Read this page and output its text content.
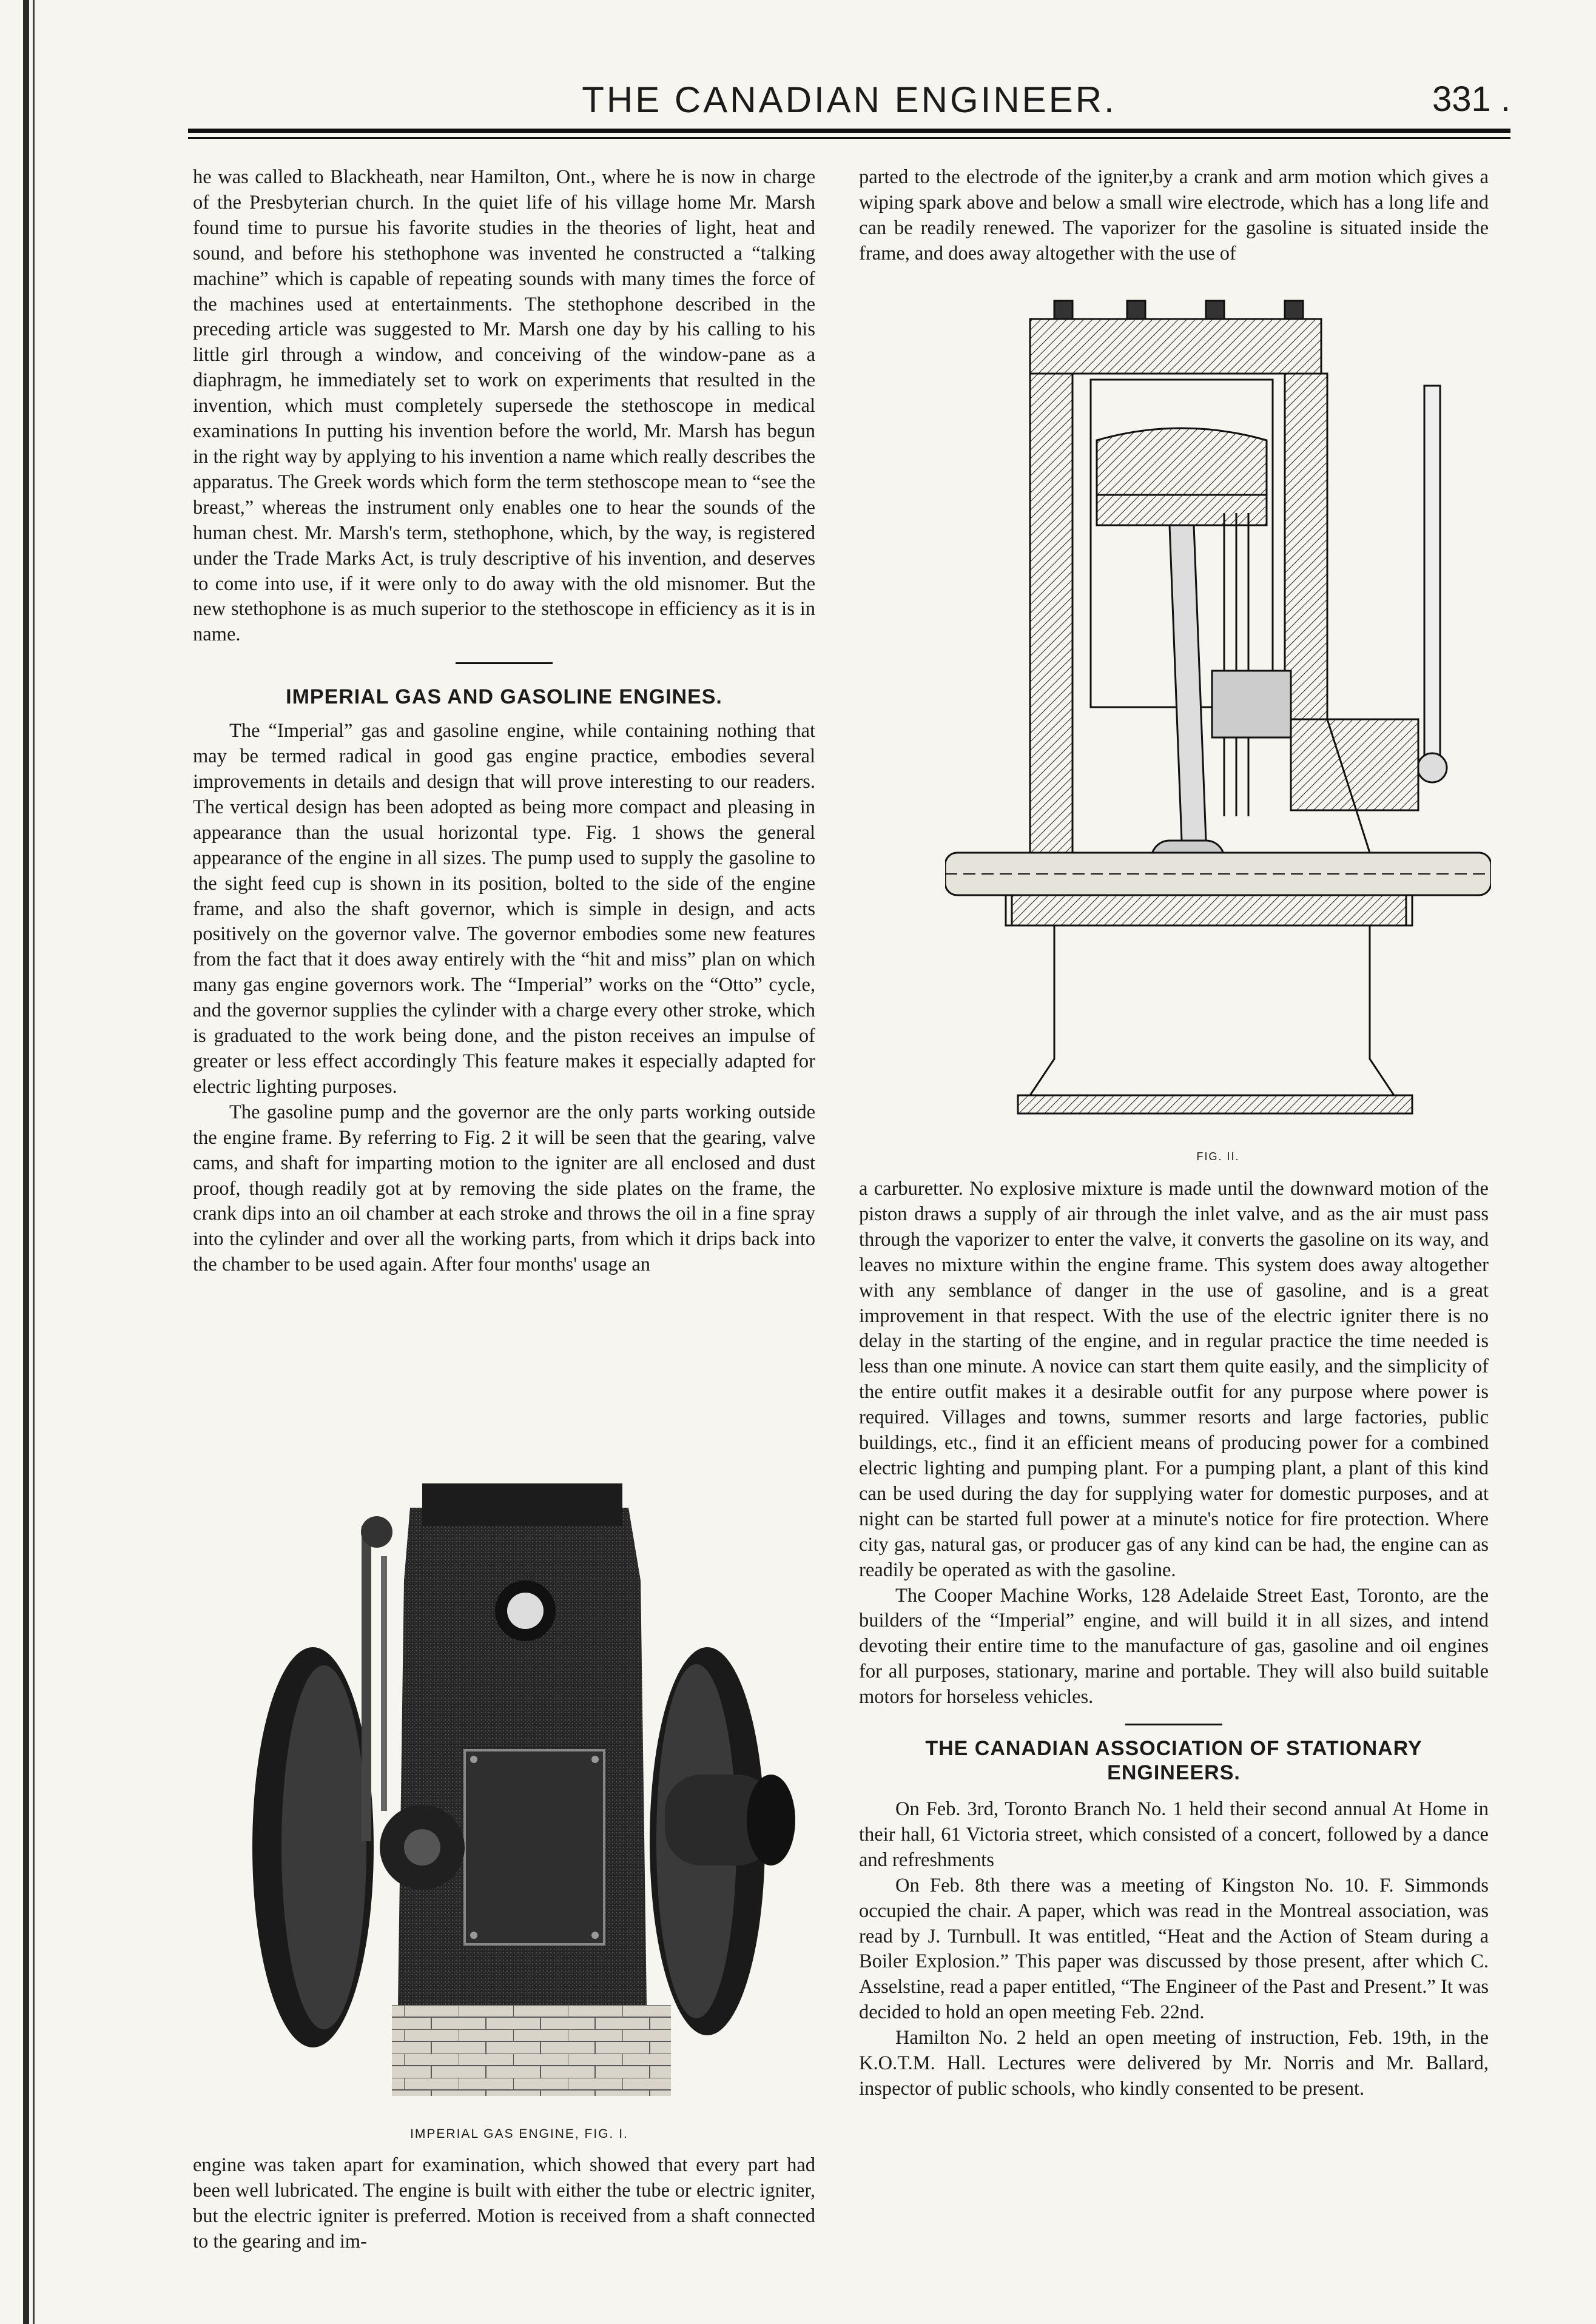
THE CANADIAN ENGINEER.	331 .

he was called to Blackheath, near Hamilton, Ont., where he is now in charge of the Presbyterian church. In the quiet life of his village home Mr. Marsh found time to pursue his favorite studies in the theories of light, heat and sound, and before his stethophone was invented he constructed a “talking machine” which is capable of repeating sounds with many times the force of the machines used at entertainments. The stethophone described in the preceding article was suggested to Mr. Marsh one day by his calling to his little girl through a window, and conceiving of the window-pane as a diaphragm, he immediately set to work on experiments that resulted in the invention, which must completely supersede the stethoscope in medical examinations In putting his invention before the world, Mr. Marsh has begun in the right way by applying to his invention a name which really describes the apparatus. The Greek words which form the term stethoscope mean to “see the breast,” whereas the instrument only enables one to hear the sounds of the human chest. Mr. Marsh's term, stethophone, which, by the way, is registered under the Trade Marks Act, is truly descriptive of his invention, and deserves to come into use, if it were only to do away with the old misnomer. But the new stethophone is as much superior to the stethoscope in efficiency as it is in name.

IMPERIAL GAS AND GASOLINE ENGINES.

The “Imperial” gas and gasoline engine, while containing nothing that may be termed radical in good gas engine practice, embodies several improvements in details and design that will prove interesting to our readers. The vertical design has been adopted as being more compact and pleasing in appearance than the usual horizontal type. Fig. 1 shows the general appearance of the engine in all sizes. The pump used to supply the gasoline to the sight feed cup is shown in its position, bolted to the side of the engine frame, and also the shaft governor, which is simple in design, and acts positively on the governor valve. The governor embodies some new features from the fact that it does away entirely with the “hit and miss” plan on which many gas engine governors work. The “Imperial” works on the “Otto” cycle, and the governor supplies the cylinder with a charge every other stroke, which is graduated to the work being done, and the piston receives an impulse of greater or less effect accordingly This feature makes it especially adapted for electric lighting purposes.

The gasoline pump and the governor are the only parts working outside the engine frame. By referring to Fig. 2 it will be seen that the gearing, valve cams, and shaft for imparting motion to the igniter are all enclosed and dust proof, though readily got at by removing the side plates on the frame, the crank dips into an oil chamber at each stroke and throws the oil in a fine spray into the cylinder and over all the working parts, from which it drips back into the chamber to be used again. After four months' usage an

IMPERIAL GAS ENGINE, FIG. I.

engine was taken apart for examination, which showed that every part had been well lubricated. The engine is built with either the tube or electric igniter, but the electric igniter is preferred. Motion is received from a shaft connected to the gearing and im-

parted to the electrode of the igniter,by a crank and arm motion which gives a wiping spark above and below a small wire electrode, which has a long life and can be readily renewed. The vaporizer for the gasoline is situated inside the frame, and does away altogether with the use of

FIG. II.

a carburetter. No explosive mixture is made until the downward motion of the piston draws a supply of air through the inlet valve, and as the air must pass through the vaporizer to enter the valve, it converts the gasoline on its way, and leaves no mixture within the engine frame. This system does away altogether with any semblance of danger in the use of gasoline, and is a great improvement in that respect. With the use of the electric igniter there is no delay in the starting of the engine, and in regular practice the time needed is less than one minute. A novice can start them quite easily, and the simplicity of the entire outfit makes it a desirable outfit for any purpose where power is required. Villages and towns, summer resorts and large factories, public buildings, etc., find it an efficient means of producing power for a combined electric lighting and pumping plant. For a pumping plant, a plant of this kind can be used during the day for supplying water for domestic purposes, and at night can be started full power at a minute's notice for fire protection. Where city gas, natural gas, or producer gas of any kind can be had, the engine can as readily be operated as with the gasoline.

The Cooper Machine Works, 128 Adelaide Street East, Toronto, are the builders of the “Imperial” engine, and will build it in all sizes, and intend devoting their entire time to the manufacture of gas, gasoline and oil engines for all purposes, stationary, marine and portable. They will also build suitable motors for horseless vehicles.

THE CANADIAN ASSOCIATION OF STATIONARY ENGINEERS.

On Feb. 3rd, Toronto Branch No. 1 held their second annual At Home in their hall, 61 Victoria street, which consisted of a concert, followed by a dance and refreshments

On Feb. 8th there was a meeting of Kingston No. 10. F. Simmonds occupied the chair. A paper, which was read in the Montreal association, was read by J. Turnbull. It was entitled, “Heat and the Action of Steam during a Boiler Explosion.” This paper was discussed by those present, after which C. Asselstine, read a paper entitled, “The Engineer of the Past and Present.” It was decided to hold an open meeting Feb. 22nd.

Hamilton No. 2 held an open meeting of instruction, Feb. 19th, in the K.O.T.M. Hall. Lectures were delivered by Mr. Norris and Mr. Ballard, inspector of public schools, who kindly consented to be present.
